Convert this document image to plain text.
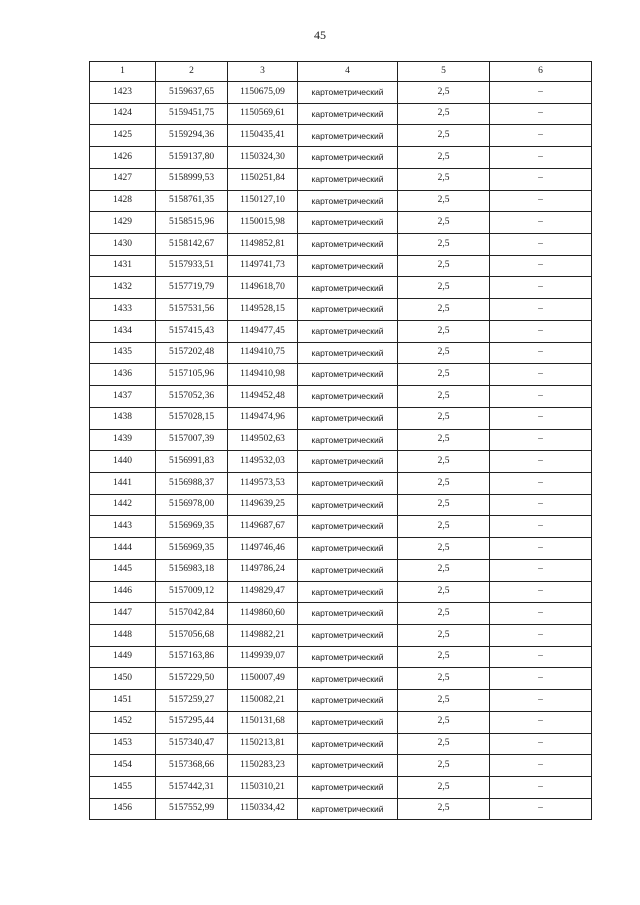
45
1	2	3	4	5	6
1423	5159637,65	1150675,09	картометрический	2,5	–
1424	5159451,75	1150569,61	картометрический	2,5	–
1425	5159294,36	1150435,41	картометрический	2,5	–
1426	5159137,80	1150324,30	картометрический	2,5	–
1427	5158999,53	1150251,84	картометрический	2,5	–
1428	5158761,35	1150127,10	картометрический	2,5	–
1429	5158515,96	1150015,98	картометрический	2,5	–
1430	5158142,67	1149852,81	картометрический	2,5	–
1431	5157933,51	1149741,73	картометрический	2,5	–
1432	5157719,79	1149618,70	картометрический	2,5	–
1433	5157531,56	1149528,15	картометрический	2,5	–
1434	5157415,43	1149477,45	картометрический	2,5	–
1435	5157202,48	1149410,75	картометрический	2,5	–
1436	5157105,96	1149410,98	картометрический	2,5	–
1437	5157052,36	1149452,48	картометрический	2,5	–
1438	5157028,15	1149474,96	картометрический	2,5	–
1439	5157007,39	1149502,63	картометрический	2,5	–
1440	5156991,83	1149532,03	картометрический	2,5	–
1441	5156988,37	1149573,53	картометрический	2,5	–
1442	5156978,00	1149639,25	картометрический	2,5	–
1443	5156969,35	1149687,67	картометрический	2,5	–
1444	5156969,35	1149746,46	картометрический	2,5	–
1445	5156983,18	1149786,24	картометрический	2,5	–
1446	5157009,12	1149829,47	картометрический	2,5	–
1447	5157042,84	1149860,60	картометрический	2,5	–
1448	5157056,68	1149882,21	картометрический	2,5	–
1449	5157163,86	1149939,07	картометрический	2,5	–
1450	5157229,50	1150007,49	картометрический	2,5	–
1451	5157259,27	1150082,21	картометрический	2,5	–
1452	5157295,44	1150131,68	картометрический	2,5	–
1453	5157340,47	1150213,81	картометрический	2,5	–
1454	5157368,66	1150283,23	картометрический	2,5	–
1455	5157442,31	1150310,21	картометрический	2,5	–
1456	5157552,99	1150334,42	картометрический	2,5	–
